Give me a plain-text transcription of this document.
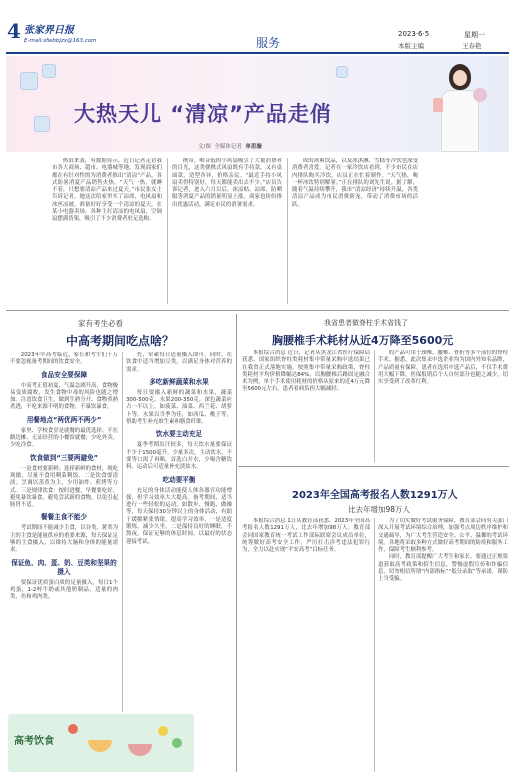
4 张家界日报
E-mail:sfwbbjzx@163.com	服务
2023·6·5	星期一
本版主编	王春艳
大热天儿 “清凉”产品走俏
文/图 全媒体记者 单思璇

热浪来袭，有数据显示，近日记者走访我市各大商场、超市、电器城等地，发现商家们都在有针对性的为消费者推出“清凉”产品，各式防暑消夏产品销售火热。“天气一热，就睡不着，只想要清凉产品来过夏天。”市民张女士告诉记者，她这次给家里买了凉席、电风扇和冰丝凉被，准备好好享受一个清凉的夏天。在某小电器卖场，各种主打清凉的电风扇、空调扇摆满货架，吸引了不少消费者驻足选购。

携带，唯音低的小风扇吸引了大量消费者的目光，这类便携式风扇既有手持款，又有桌面款，造型各异，价格亲民。“最近手持小风扇卖得特别好，每天都能卖出去不少。”店员告诉记者，进入六月以后，冰凉贴、凉席、防晒服等消夏产品的销量明显上涨，商家也纷纷推出优惠活动，满足市民的消暑需求。

成的冰爽饮品，以及冰淇淋、雪糕等冷饮也深受消费者喜爱。记者在一家冷饮店看到，不少市民在店内排队购买冷饮，店员正在忙着制作。“天气热，喝一杯冰饮特别解暑。”正在排队的刘先生说。据了解，随着气温持续攀升，我市“清凉经济”持续升温，各类清凉产品成为市民消费新宠，带动了消费市场的活跃。

家有考生必看
中高考期间吃点啥？

2023年中高考临近，家长和考生们千万不要忽视备考期间的饮食安全。

食品安全要保障

中高考正值初夏，气温急剧升高，食物极易变质腐败，发生食物中毒的风险也随之增加。注意饮食卫生，做到生熟分开、食物煮熟煮透，不吃来源不明的食物，不暴饮暴食。

用餐地点“两优两不两少”

家里、学校食堂是就餐的最优选择；不在路边摊、无证经营的小餐馆就餐；少吃外卖，少吃冷食。

饮食做到“三要两避免”

一是食材要新鲜；选择新鲜的食材，现吃现做，尽量不食用剩菜剩饭。二是饮食要清淡；烹调以蒸煮为主，少用油炸、煎烤等方式。三是规律饮食：按时进餐，早餐要吃好。避免暴饮暴食，避免尝试新的食物，以免引起肠胃不适。

餐餐主食不能少

考试期间不能减少主食，以谷类、薯类为主的主食是能量供应的重要来源，每天保证足够的主食摄入，以维持大脑和身体的能量需求。

保证鱼、肉、蛋、奶、豆类和坚果的摄入

要保证优质蛋白质的足量摄入，每日1个鸡蛋，1-2杯牛奶或其他奶制品，适量的肉类、鱼和鸡肉类。

充，荤素每日适量摄入即可。同时，在饮食中适当增加豆类，以满足身体对营养的需求。

多吃新鲜蔬菜和水果

每日要摄入新鲜的蔬菜和水果，蔬菜300-500克，水果200-350克。深色蔬菜应占一半以上，如菠菜、油菜、西兰花、胡萝卜等。水果以当季为佳，如西瓜、桃子等，帮助考生补充维生素和膳食纤维。

饮水要主动充足

夏季考期出汗较多，每天饮水量要保证不少于1500毫升。少量多次，主动饮水，不要等口渴了再喝。首选白开水，少喝含糖饮料。运动后可适量补充淡盐水。

吃动要平衡

充足的身体活动能使人体各器官功能增强，但学习效率大大提高。备考期间，适当进行一些轻松的运动，如散步、慢跑、做操等，每天保持30分钟以上的身体活动，有助于缓解紧张情绪，提高学习效率。一是适度锻炼，减少久坐。二是保持良好的睡眠，不熬夜，保证足够的休息时间，以最好的状态迎接考试。

高考饮食
我省患者做脊柱手术省钱了
胸腰椎手术耗材从近4万降至5600元

本报综合消息 近日，记者从黑龙江省医疗保障局获悉，国家组织脊柱类耗材集中带量采购中选结果已在我省正式落地实施。按照集中带量采购政策，脊柱类耗材平均价格降幅达84%。以胸腰椎后路固定融合术为例，单个手术使用耗材的价格从原来的近4万元降至5600元左右，患者看病负担大幅减轻。

的产品可用于颈椎、腰椎、骨折等多个部位的脊柱手术。据悉，此次集采中选企业均为国内外知名品牌，产品质量有保障。患者在选用中选产品后，不仅手术费用大幅下降，医保报销后个人自付部分也随之减少，切实享受到了改革红利。

2023年全国高考报名人数1291万人
比去年增加98万人

本报综合消息 1日从教育部获悉，2023年全国高考报名人数1291万人，比去年增加98万人。教育部会同国家教育统一考试工作部际联席会议成员单位，统筹做好高考安全工作，严厉打击涉考违法犯罪行为，全力以赴实现“平安高考”目标任务。

为了切实做好考试服务保障，教育部会同有关部门深入开展考试环境综合治理，加强考点周边秩序维护和交通疏导，为广大考生营造安全、公平、温馨的考试环境。各地将采取多种方式做好高考期间的防疫和服务工作，保障考生顺利参考。

同时，教育部提醒广大考生和家长，要通过正规渠道获取高考政策和招生信息，警惕虚假宣传和诈骗信息，切勿相信所谓“内部指标”“低分录取”等承诺，谨防上当受骗。
